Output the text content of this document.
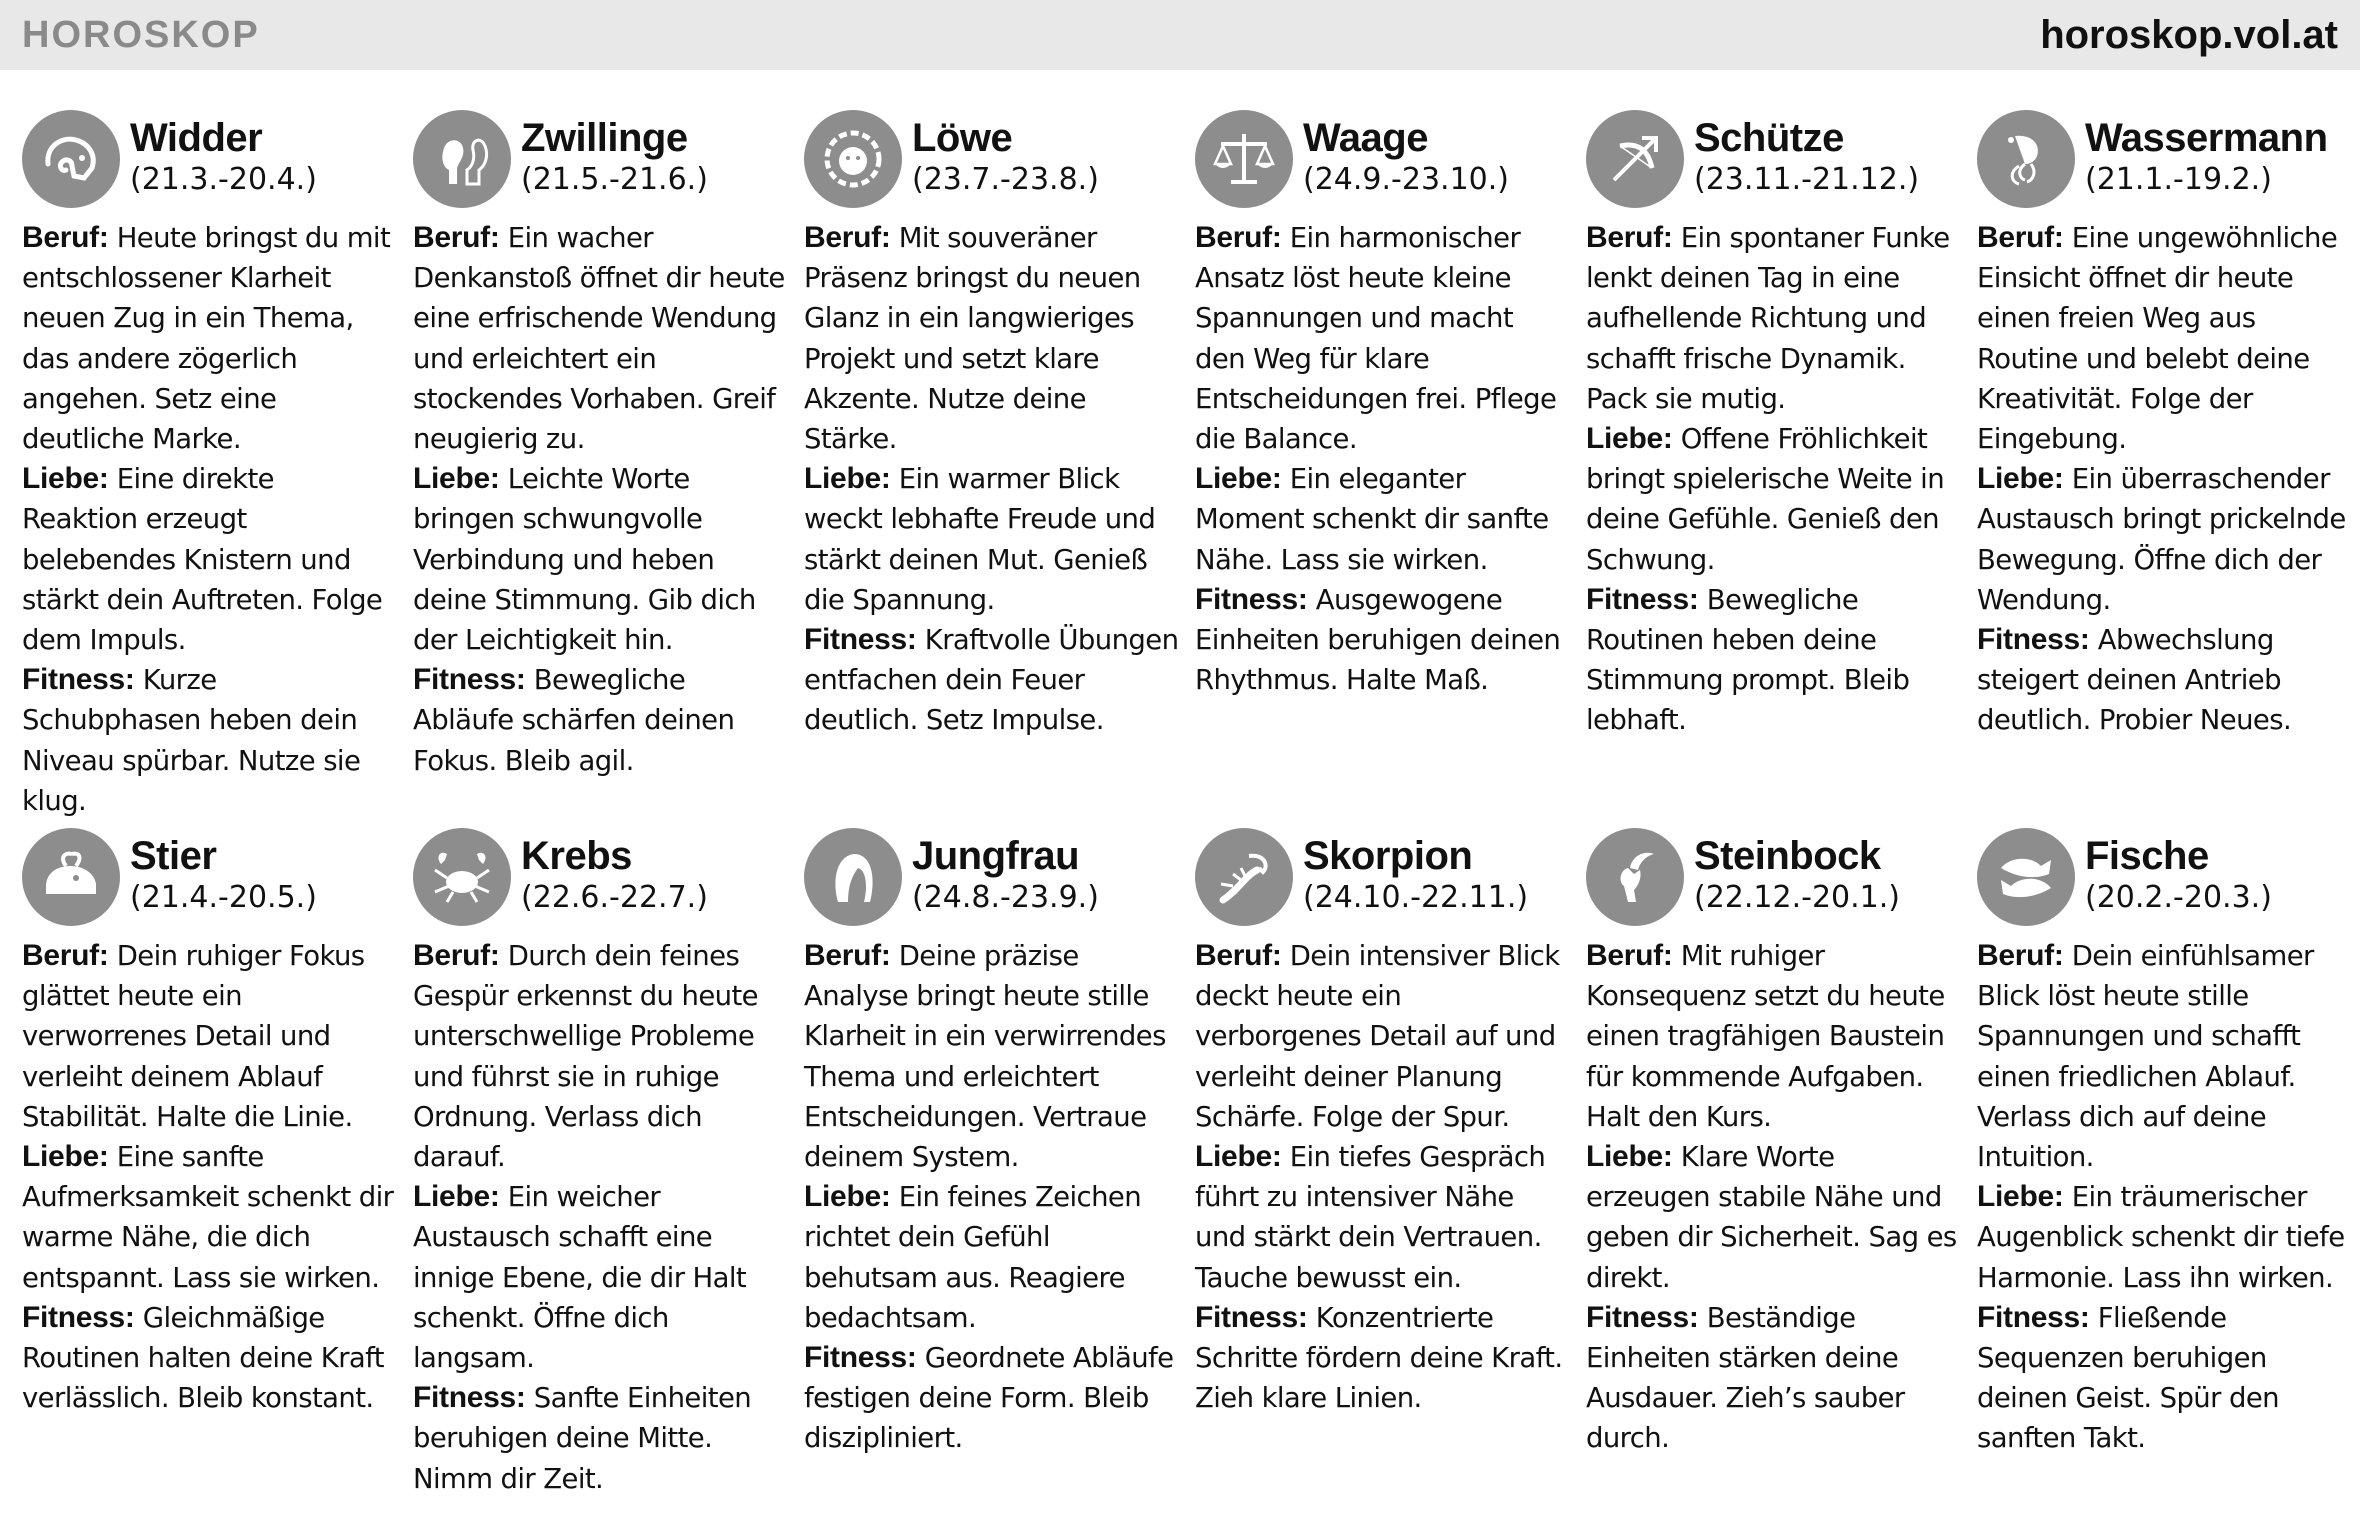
HOROSKOP	horoskop.vol.at
Widder
(21.3.-20.4.)

Beruf: Heute bringst du mit entschlossener Klarheit neuen Zug in ein Thema, das andere zögerlich angehen. Setz eine deutliche Marke.
Liebe: Eine direkte Reaktion erzeugt belebendes Knistern und stärkt dein Auftreten. Folge dem Impuls.
Fitness: Kurze Schubphasen heben dein Niveau spürbar. Nutze sie klug.

Zwillinge
(21.5.-21.6.)

Beruf: Ein wacher Denkanstoß öffnet dir heute eine erfrischende Wendung und erleichtert ein stockendes Vorhaben. Greif neugierig zu.
Liebe: Leichte Worte bringen schwungvolle Verbindung und heben deine Stimmung. Gib dich der Leichtigkeit hin.
Fitness: Bewegliche Abläufe schärfen deinen Fokus. Bleib agil.

Löwe
(23.7.-23.8.)

Beruf: Mit souveräner Präsenz bringst du neuen Glanz in ein langwieriges Projekt und setzt klare Akzente. Nutze deine Stärke.
Liebe: Ein warmer Blick weckt lebhafte Freude und stärkt deinen Mut. Genieß die Spannung.
Fitness: Kraftvolle Übungen entfachen dein Feuer deutlich. Setz Impulse.

Waage
(24.9.-23.10.)

Beruf: Ein harmonischer Ansatz löst heute kleine Spannungen und macht den Weg für klare Entscheidungen frei. Pflege die Balance.
Liebe: Ein eleganter Moment schenkt dir sanfte Nähe. Lass sie wirken.
Fitness: Ausgewogene Einheiten beruhigen deinen Rhythmus. Halte Maß.

Schütze
(23.11.-21.12.)

Beruf: Ein spontaner Funke lenkt deinen Tag in eine aufhellende Richtung und schafft frische Dynamik. Pack sie mutig.
Liebe: Offene Fröhlichkeit bringt spielerische Weite in deine Gefühle. Genieß den Schwung.
Fitness: Bewegliche Routinen heben deine Stimmung prompt. Bleib lebhaft.

Wassermann
(21.1.-19.2.)

Beruf: Eine ungewöhnliche Einsicht öffnet dir heute einen freien Weg aus Routine und belebt deine Kreativität. Folge der Eingebung.
Liebe: Ein überraschender Austausch bringt prickelnde Bewegung. Öffne dich der Wendung.
Fitness: Abwechslung steigert deinen Antrieb deutlich. Probier Neues.

Stier
(21.4.-20.5.)

Beruf: Dein ruhiger Fokus glättet heute ein verworrenes Detail und verleiht deinem Ablauf Stabilität. Halte die Linie.
Liebe: Eine sanfte Aufmerksamkeit schenkt dir warme Nähe, die dich entspannt. Lass sie wirken.
Fitness: Gleichmäßige Routinen halten deine Kraft verlässlich. Bleib konstant.

Krebs
(22.6.-22.7.)

Beruf: Durch dein feines Gespür erkennst du heute unterschwellige Probleme und führst sie in ruhige Ordnung. Verlass dich darauf.
Liebe: Ein weicher Austausch schafft eine innige Ebene, die dir Halt schenkt. Öffne dich langsam.
Fitness: Sanfte Einheiten beruhigen deine Mitte. Nimm dir Zeit.

Jungfrau
(24.8.-23.9.)

Beruf: Deine präzise Analyse bringt heute stille Klarheit in ein verwirrendes Thema und erleichtert Entscheidungen. Vertraue deinem System.
Liebe: Ein feines Zeichen richtet dein Gefühl behutsam aus. Reagiere bedachtsam.
Fitness: Geordnete Abläufe festigen deine Form. Bleib diszipliniert.

Skorpion
(24.10.-22.11.)

Beruf: Dein intensiver Blick deckt heute ein verborgenes Detail auf und verleiht deiner Planung Schärfe. Folge der Spur.
Liebe: Ein tiefes Gespräch führt zu intensiver Nähe und stärkt dein Vertrauen. Tauche bewusst ein.
Fitness: Konzentrierte Schritte fördern deine Kraft. Zieh klare Linien.

Steinbock
(22.12.-20.1.)

Beruf: Mit ruhiger Konsequenz setzt du heute einen tragfähigen Baustein für kommende Aufgaben. Halt den Kurs.
Liebe: Klare Worte erzeugen stabile Nähe und geben dir Sicherheit. Sag es direkt.
Fitness: Beständige Einheiten stärken deine Ausdauer. Zieh’s sauber durch.

Fische
(20.2.-20.3.)

Beruf: Dein einfühlsamer Blick löst heute stille Spannungen und schafft einen friedlichen Ablauf. Verlass dich auf deine Intuition.
Liebe: Ein träumerischer Augenblick schenkt dir tiefe Harmonie. Lass ihn wirken.
Fitness: Fließende Sequenzen beruhigen deinen Geist. Spür den sanften Takt.
